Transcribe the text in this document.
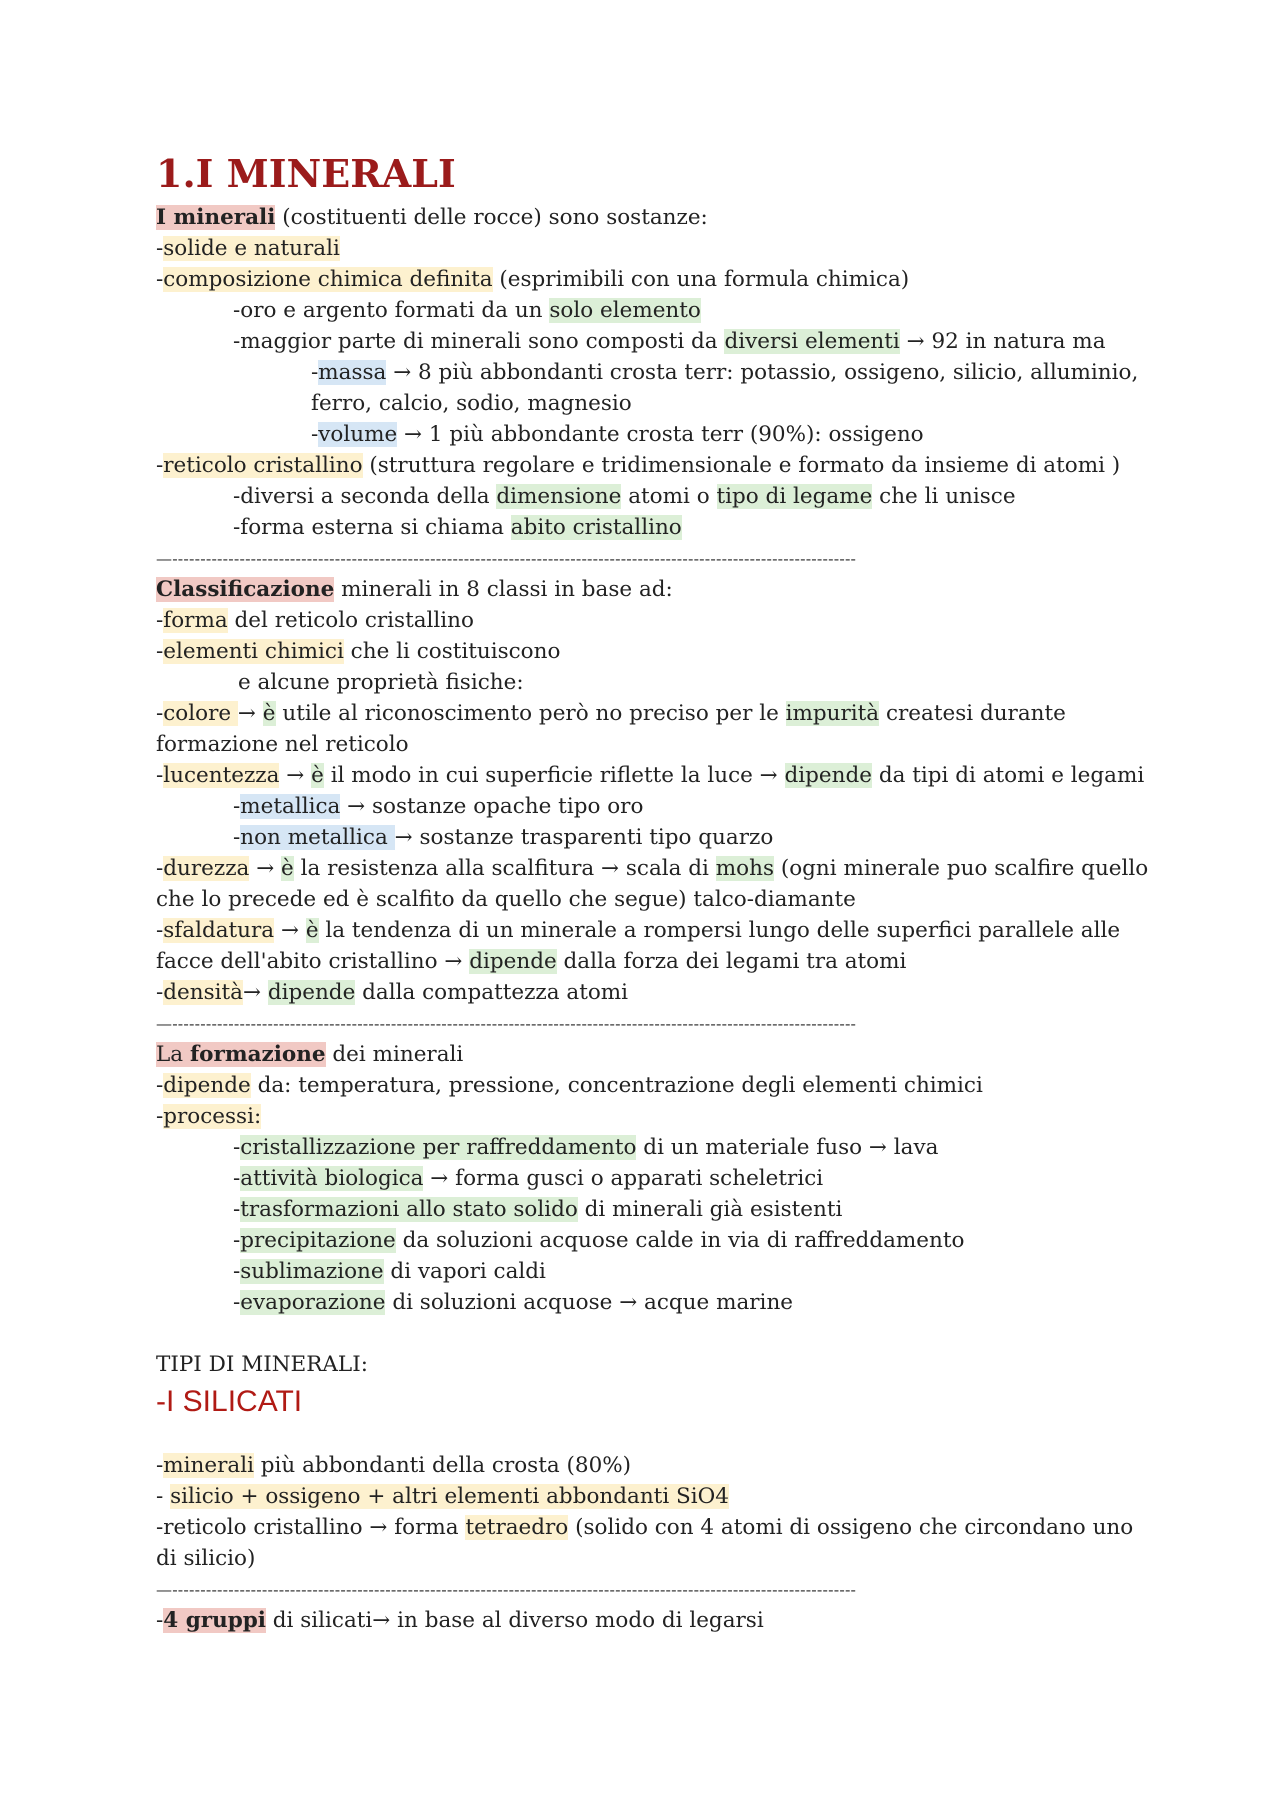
1.I MINERALI
I minerali (costituenti delle rocce) sono sostanze:
-solide e naturali
-composizione chimica definita (esprimibili con una formula chimica)
-oro e argento formati da un solo elemento
-maggior parte di minerali sono composti da diversi elementi → 92 in natura ma
-massa → 8 più abbondanti crosta terr: potassio, ossigeno, silicio, alluminio,
ferro, calcio, sodio, magnesio
-volume → 1 più abbondante crosta terr (90%): ossigeno
-reticolo cristallino (struttura regolare e tridimensionale e formato da insieme di atomi )
-diversi a seconda della dimensione atomi o tipo di legame che li unisce
-forma esterna si chiama abito cristallino
—--------------------------------------------------------------------------------------------------------------------------
Classificazione minerali in 8 classi in base ad:
-forma del reticolo cristallino
-elementi chimici che li costituiscono
e alcune proprietà fisiche:
-colore → è utile al riconoscimento però no preciso per le impurità createsi durante
formazione nel reticolo
-lucentezza → è il modo in cui superficie riflette la luce → dipende da tipi di atomi e legami
-metallica → sostanze opache tipo oro
-non metallica → sostanze trasparenti tipo quarzo
-durezza → è la resistenza alla scalfitura → scala di mohs (ogni minerale puo scalfire quello
che lo precede ed è scalfito da quello che segue) talco-diamante
-sfaldatura → è la tendenza di un minerale a rompersi lungo delle superfici parallele alle
facce dell'abito cristallino → dipende dalla forza dei legami tra atomi
-densità→ dipende dalla compattezza atomi
—--------------------------------------------------------------------------------------------------------------------------
La formazione dei minerali
-dipende da: temperatura, pressione, concentrazione degli elementi chimici
-processi:
-cristallizzazione per raffreddamento di un materiale fuso → lava
-attività biologica → forma gusci o apparati scheletrici
-trasformazioni allo stato solido di minerali già esistenti
-precipitazione da soluzioni acquose calde in via di raffreddamento
-sublimazione di vapori caldi
-evaporazione di soluzioni acquose → acque marine
TIPI DI MINERALI:
-I SILICATI
-minerali più abbondanti della crosta (80%)
- silicio + ossigeno + altri elementi abbondanti SiO4
-reticolo cristallino → forma tetraedro (solido con 4 atomi di ossigeno che circondano uno di silicio)
—--------------------------------------------------------------------------------------------------------------------------
-4 gruppi di silicati→ in base al diverso modo di legarsi
